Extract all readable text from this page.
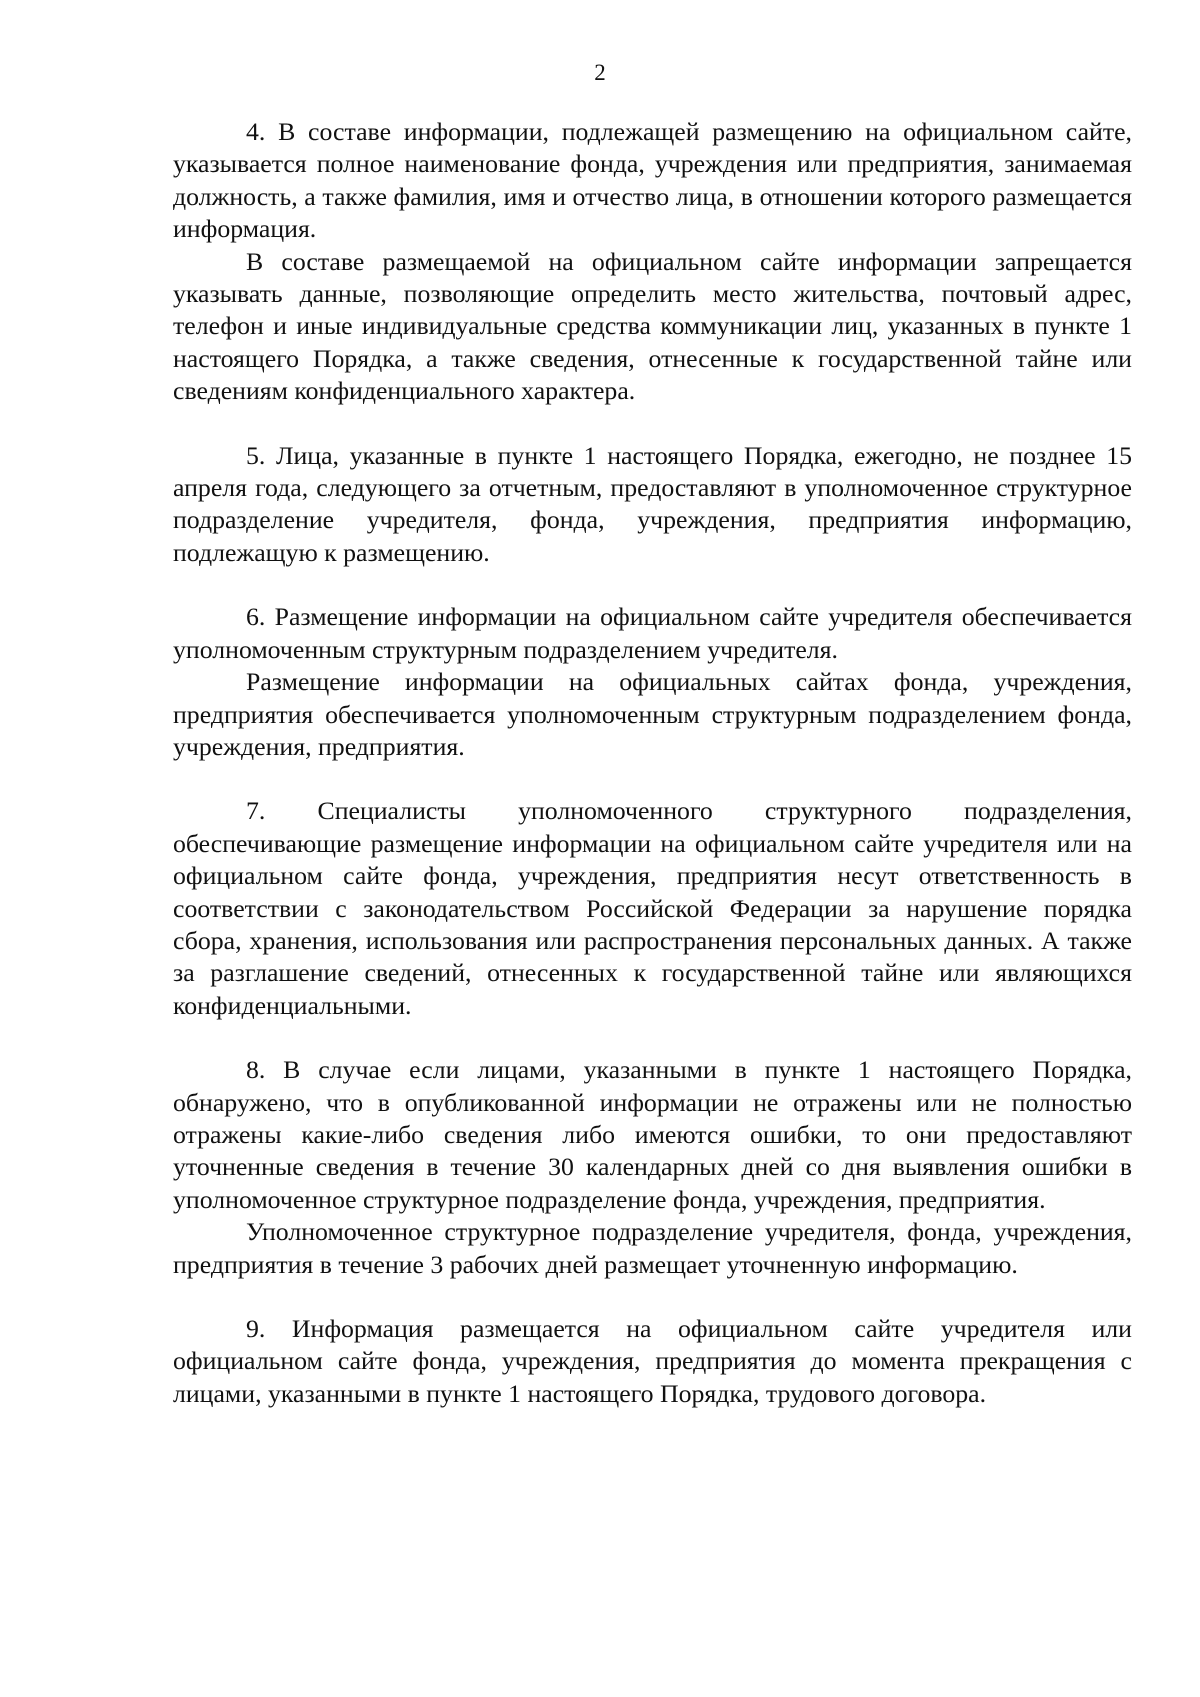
2

4. В составе информации, подлежащей размещению на официальном сайте, указывается полное наименование фонда, учреждения или предприятия, занимаемая должность, а также фамилия, имя и отчество лица, в отношении которого размещается информация.

В составе размещаемой на официальном сайте информации запрещается указывать данные, позволяющие определить место жительства, почтовый адрес, телефон и иные индивидуальные средства коммуникации лиц, указанных в пункте 1 настоящего Порядка, а также сведения, отнесенные к государственной тайне или сведениям конфиденциального характера.

5. Лица, указанные в пункте 1 настоящего Порядка, ежегодно, не позднее 15 апреля года, следующего за отчетным, предоставляют в уполномоченное структурное подразделение учредителя, фонда, учреждения, предприятия информацию, подлежащую к размещению.

6. Размещение информации на официальном сайте учредителя обеспечивается уполномоченным структурным подразделением учредителя.

Размещение информации на официальных сайтах фонда, учреждения, предприятия обеспечивается уполномоченным структурным подразделением фонда, учреждения, предприятия.

7. Специалисты уполномоченного структурного подразделения, обеспечивающие размещение информации на официальном сайте учредителя или на официальном сайте фонда, учреждения, предприятия несут ответственность в соответствии с законодательством Российской Федерации за нарушение порядка сбора, хранения, использования или распространения персональных данных. А также за разглашение сведений, отнесенных к государственной тайне или являющихся конфиденциальными.

8. В случае если лицами, указанными в пункте 1 настоящего Порядка, обнаружено, что в опубликованной информации не отражены или не полностью отражены какие-либо сведения либо имеются ошибки, то они предоставляют уточненные сведения в течение 30 календарных дней со дня выявления ошибки в уполномоченное структурное подразделение фонда, учреждения, предприятия.

Уполномоченное структурное подразделение учредителя, фонда, учреждения, предприятия в течение 3 рабочих дней размещает уточненную информацию.

9. Информация размещается на официальном сайте учредителя или официальном сайте фонда, учреждения, предприятия до момента прекращения с лицами, указанными в пункте 1 настоящего Порядка, трудового договора.
